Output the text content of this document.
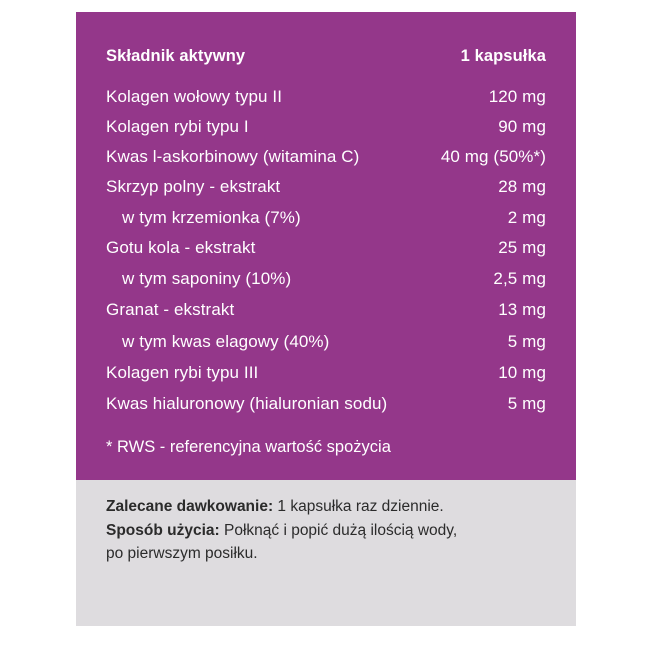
Składnik aktywny	1 kapsułka
Kolagen wołowy typu II	120 mg
Kolagen rybi typu I	90 mg
Kwas l-askorbinowy (witamina C)	40 mg (50%*)
Skrzyp polny - ekstrakt	28 mg
w tym krzemionka (7%)	2 mg
Gotu kola - ekstrakt	25 mg
w tym saponiny (10%)	2,5 mg
Granat - ekstrakt	13 mg
w tym kwas elagowy (40%)	5 mg
Kolagen rybi typu III	10 mg
Kwas hialuronowy (hialuronian sodu)	5 mg
* RWS - referencyjna wartość spożycia
Zalecane dawkowanie: 1 kapsułka raz dziennie.
Sposób użycia: Połknąć i popić dużą ilością wody,
po pierwszym posiłku.
